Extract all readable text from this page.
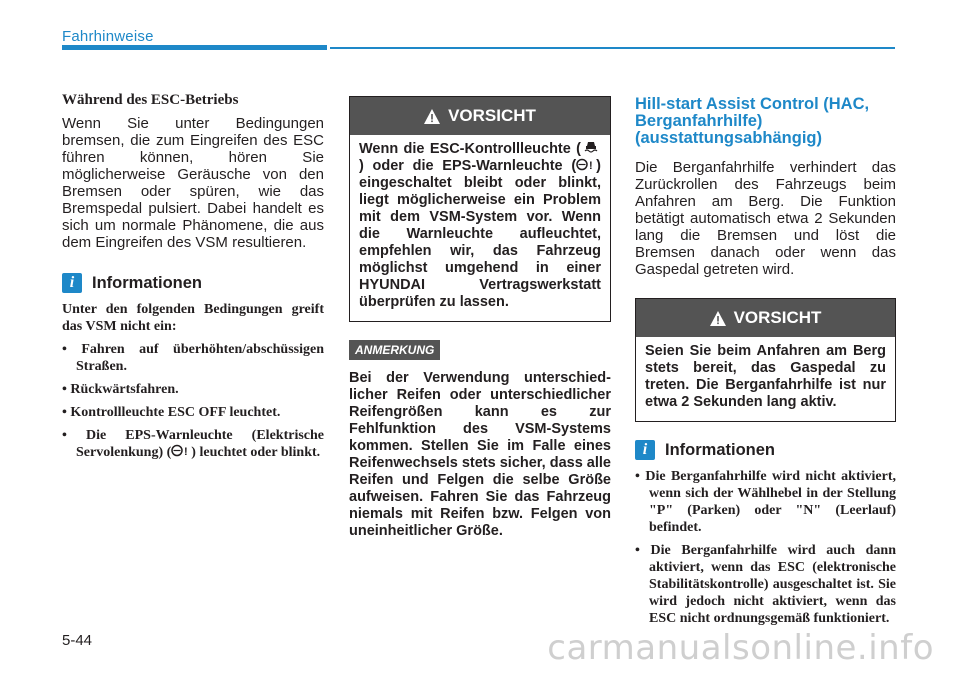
Fahrhinweise

Während des ESC-Betriebs

Wenn Sie unter Bedingungen bremsen, die zum Eingreifen des ESC führen können, hören Sie möglicherweise Geräusche von den Bremsen oder spüren, wie das Bremspedal pulsiert. Dabei handelt es sich um normale Phänomene, die aus dem Eingreifen des VSM resultieren.

i	Informationen

Unter den folgenden Bedingungen greift das VSM nicht ein:

• Fahren auf überhöhten/abschüssigen Straßen.
• Rückwärtsfahren.
• Kontrollleuchte ESC OFF leuchtet.
• Die EPS-Warnleuchte (Elektrische Servolenkung) ( ! ) leuchtet oder blinkt.
VORSICHT
Wenn die ESC-Kontrollleuchte () oder die EPS-Warnleuchte ( ! ) eingeschaltet bleibt oder blinkt, liegt möglicherweise ein Problem mit dem VSM-System vor. Wenn die Warnleuchte aufleuchtet, empfehlen wir, das Fahrzeug möglichst umgehend in einer HYUNDAI Vertragswerkstatt überprüfen zu lassen.
ANMERKUNG

Bei der Verwendung unterschiedlicher Reifen oder unterschiedlicher Reifengrößen kann es zur Fehlfunktion des VSM-Systems kommen. Stellen Sie im Falle eines Reifenwechsels stets sicher, dass alle Reifen und Felgen die selbe Größe aufweisen. Fahren Sie das Fahrzeug niemals mit Reifen bzw. Felgen von uneinheitlicher Größe.

Hill-start Assist Control (HAC, Berganfahrhilfe) (ausstattungsabhängig)

Die Berganfahrhilfe verhindert das Zurückrollen des Fahrzeugs beim Anfahren am Berg. Die Funktion betätigt automatisch etwa 2 Sekunden lang die Bremsen und löst die Bremsen danach oder wenn das Gaspedal getreten wird.

VORSICHT
Seien Sie beim Anfahren am Berg stets bereit, das Gaspedal zu treten. Die Berganfahrhilfe ist nur etwa 2 Sekunden lang aktiv.
i	Informationen
• Die Berganfahrhilfe wird nicht aktiviert, wenn sich der Wählhebel in der Stellung "P" (Parken) oder "N" (Leerlauf) befindet.
• Die Berganfahrhilfe wird auch dann aktiviert, wenn das ESC (elektronische Stabilitätskontrolle) ausgeschaltet ist. Sie wird jedoch nicht aktiviert, wenn das ESC nicht ordnungsgemäß funktioniert.
5-44	carmanualsonline.info
